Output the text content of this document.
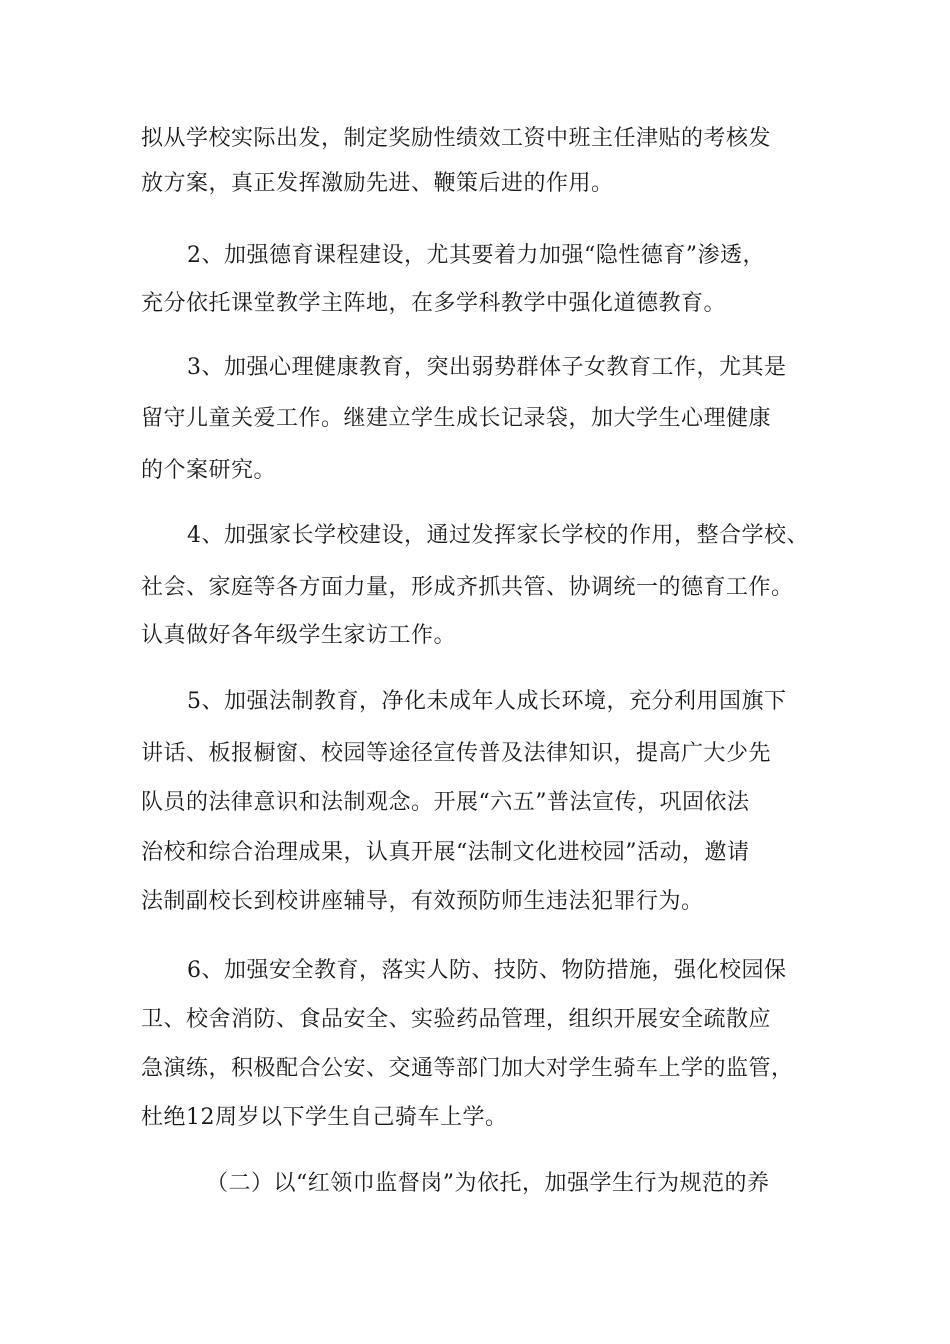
拟从学校实际出发，制定奖励性绩效工资中班主任津贴的考核发
放方案，真正发挥激励先进、鞭策后进的作用。
2、加强德育课程建设，尤其要着力加强“隐性德育”渗透，
充分依托课堂教学主阵地，在多学科教学中强化道德教育。
3、加强心理健康教育，突出弱势群体子女教育工作，尤其是
留守儿童关爱工作。继建立学生成长记录袋，加大学生心理健康
的个案研究。
4、加强家长学校建设，通过发挥家长学校的作用，整合学校、
社会、家庭等各方面力量，形成齐抓共管、协调统一的德育工作。
认真做好各年级学生家访工作。
5、加强法制教育，净化未成年人成长环境，充分利用国旗下
讲话、板报橱窗、校园等途径宣传普及法律知识，提高广大少先
队员的法律意识和法制观念。开展“六五”普法宣传，巩固依法
治校和综合治理成果，认真开展“法制文化进校园”活动，邀请
法制副校长到校讲座辅导，有效预防师生违法犯罪行为。
6、加强安全教育，落实人防、技防、物防措施，强化校园保
卫、校舍消防、食品安全、实验药品管理，组织开展安全疏散应
急演练，积极配合公安、交通等部门加大对学生骑车上学的监管，
杜绝12周岁以下学生自己骑车上学。
（二）以“红领巾监督岗”为依托，加强学生行为规范的养
